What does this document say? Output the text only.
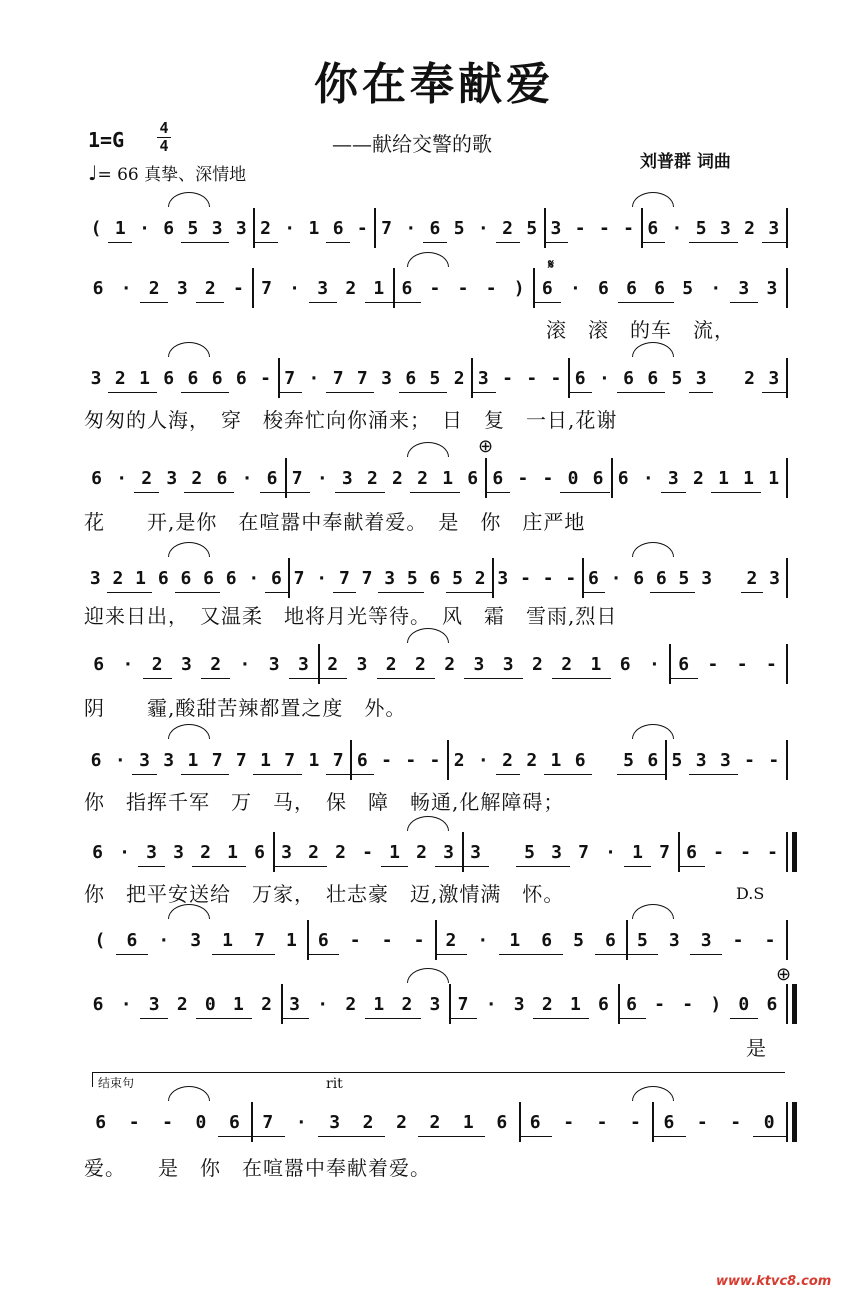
你在奉献爱
1=G	4
4	——献给交警的歌
刘普群 词曲
♩= 66 真挚、深情地
( 1 · 6 5 3 3 2 · 1 6 - 7 · 6 5 · 2 5 3 - - - 6 · 5 3 2 3
6 · 2 3 2 - 7 · 3 2 1 6 - - - ) 6 · 6 6 6 5 · 3 3
滚　滚　的车　流，
3 2 1 6 6 6 6 - 7 · 7 7 3 6 5 2 3 - - - 6 · 6 6 5 3
	2 3
匆匆的人海，　穿　梭奔忙向你涌来；　日　复　一日,花谢
6 · 2 3 2 6 · 6 7 · 3 2 2 2 1 6 6 - - 0 6 6 · 3 2 1 1 1
花　　开,是你　在喧嚣中奉献着爱。　是　你　庄严地
3 2 1 6 6 6 6 · 6 7 · 7 7 3 5 6 5 2 3 - - - 6 · 6 6 5 3
	2 3
迎来日出，　又温柔　地将月光等待。　风　霜　雪雨,烈日
6	·	2	3	2	·	3	3	2	3	2	2	2	3	3	2	2	1	6	·	6	-	-	-
阴　　霾,酸甜苦辣都置之度　外。
6 · 3 3 1 7 7 1 7 1 7 6 - - - 2 · 2 2 1 6
	5 6 5 3 3 - -
你　指挥千军　万　马，　保　障　畅通,化解障碍；
6 · 3 3 2 1 6 3 2 2 - 1 2 3 3
	5 3 7 · 1 7 6 - - -
你　把平安送给　万家，　壮志豪　迈,激情满　怀。
(	6	·	3	1	7	1	6	-	-	-	2	·	1	6	5	6	5	3	3	-	-
6 · 3 2 0 1 2 3 · 2 1 2 3 7 · 3 2 1 6 6 - - ) 0 6
是
6	-	-	0	6	7	·	3	2	2	2	1	6	6	-	-	-	6	-	-	0
爱。　　是　你　在喧嚣中奉献着爱。
𝄋
⊕
⊕
D.S
结束句	rit
www.ktvc8.com
